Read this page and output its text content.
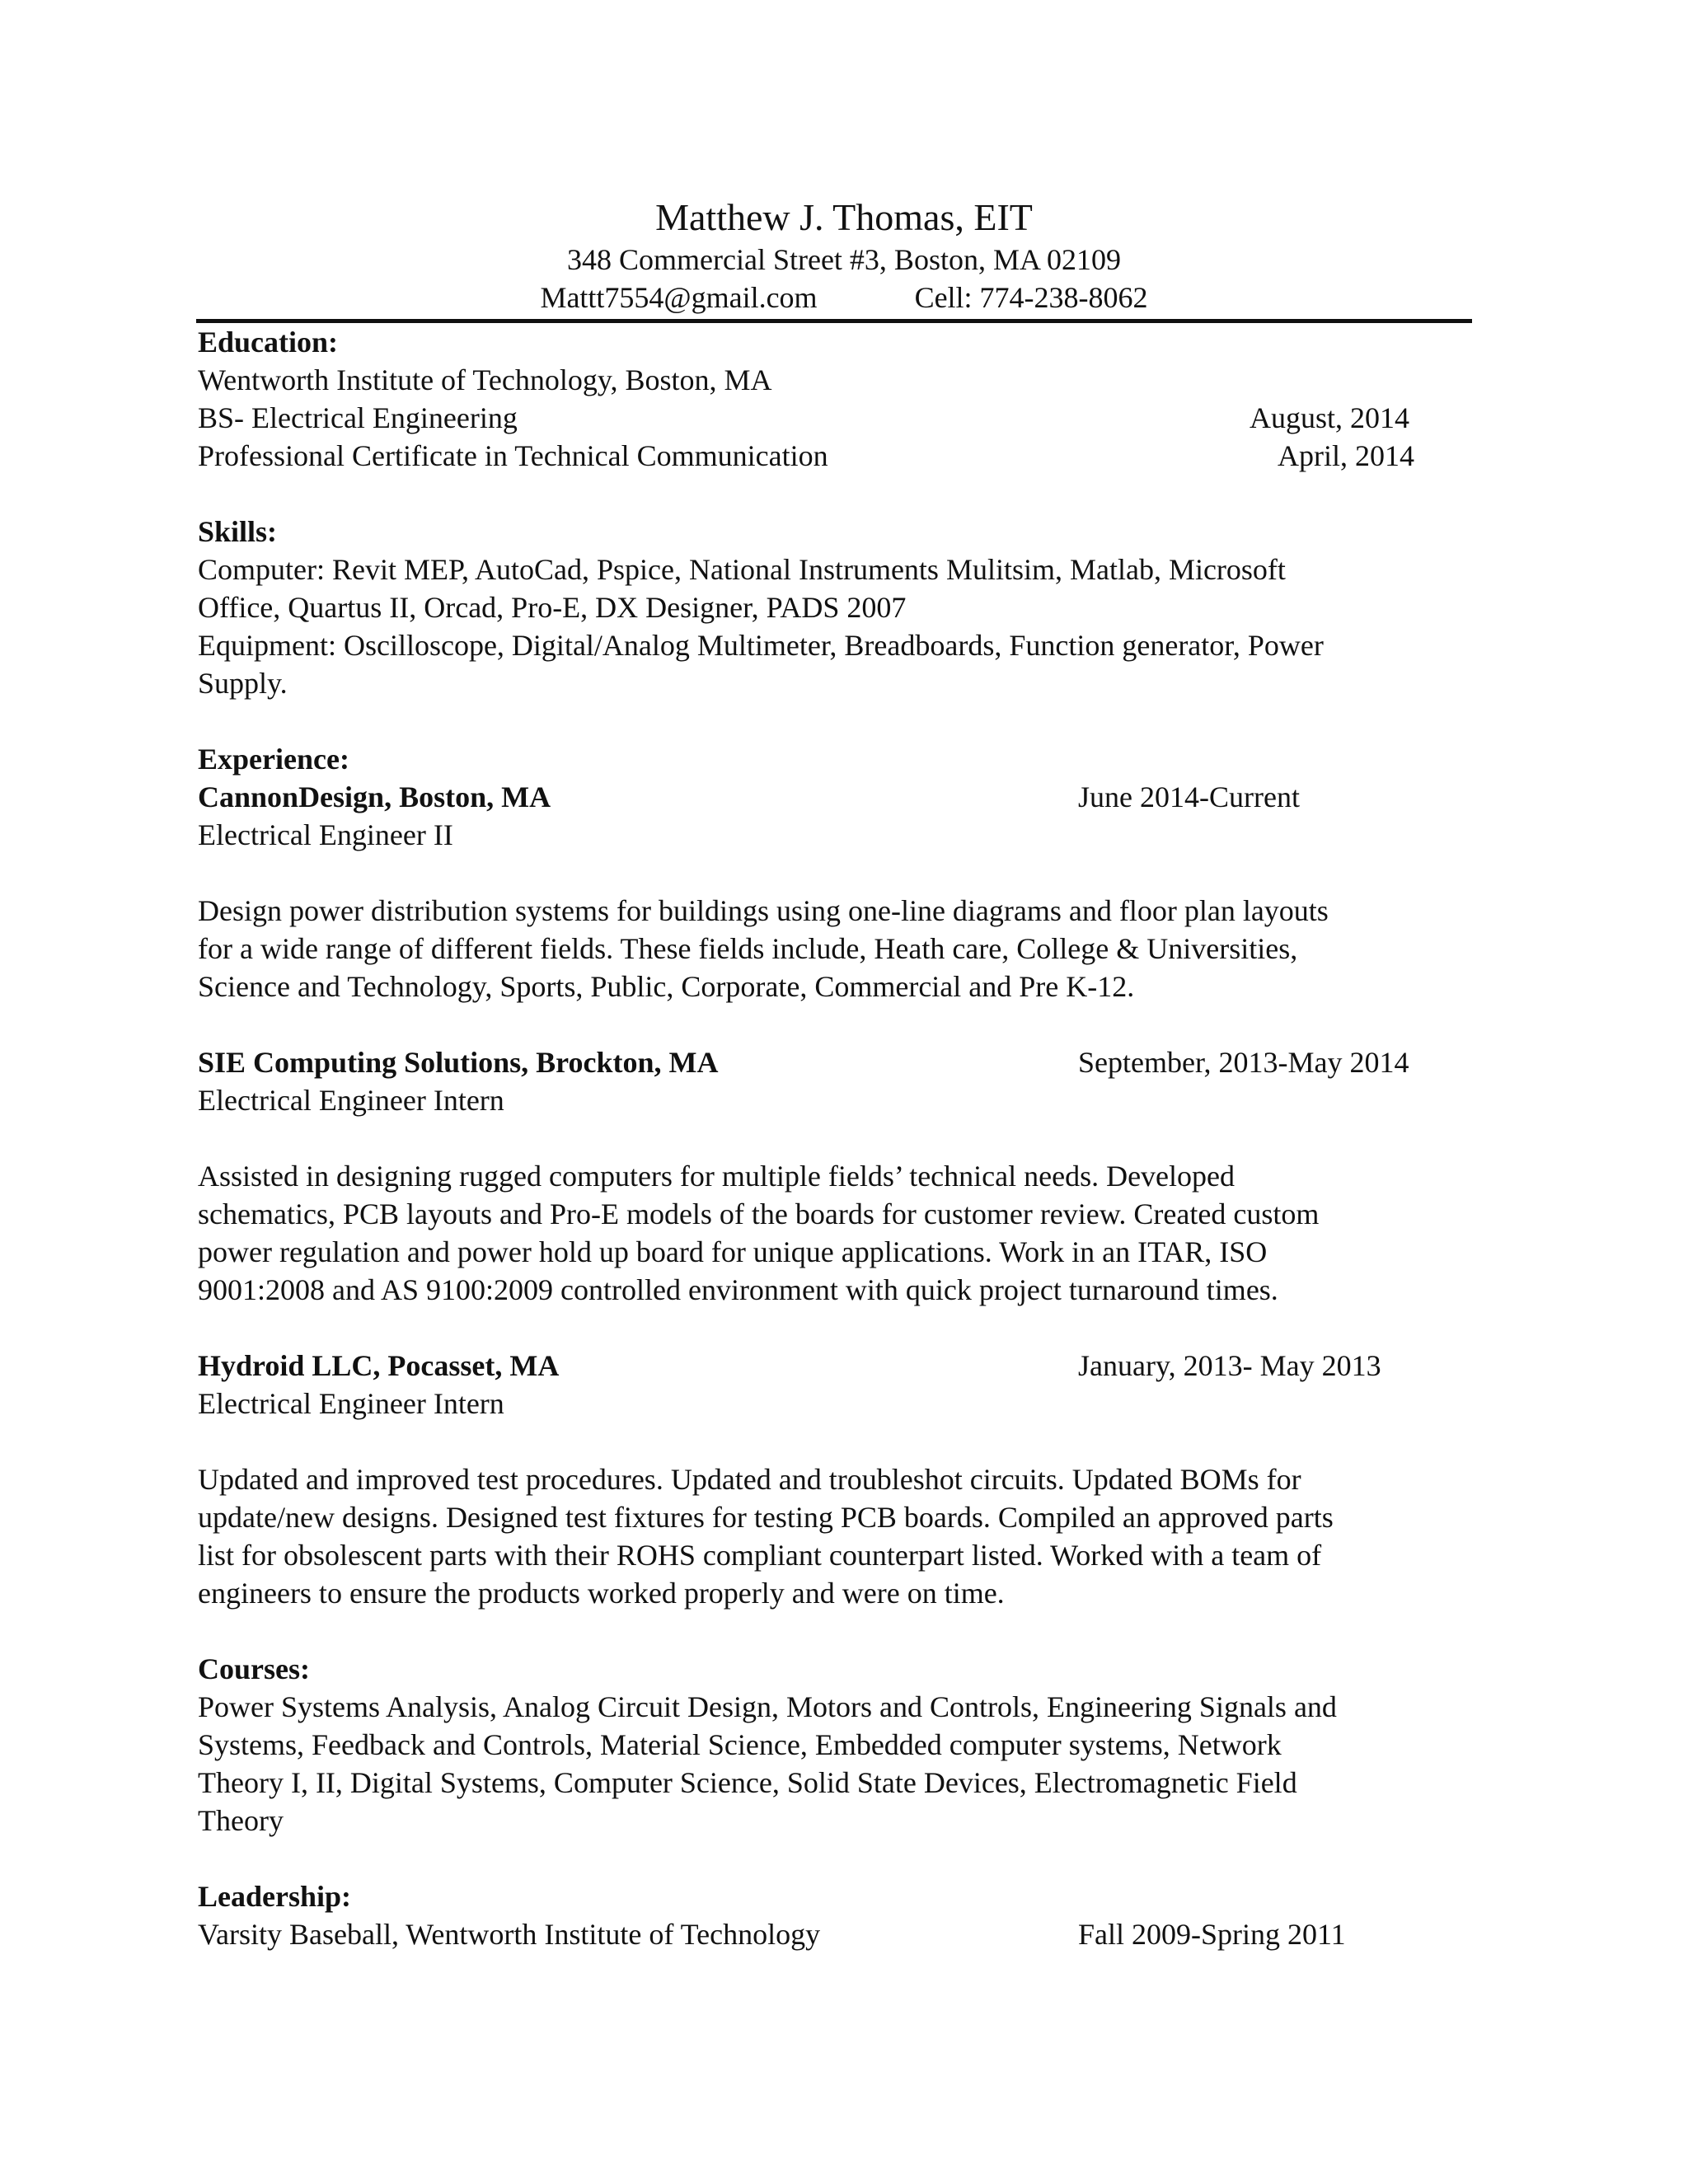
Matthew J. Thomas, EIT
348 Commercial Street #3, Boston, MA 02109
Mattt7554@gmail.com	Cell: 774-238-8062
Education:
Wentworth Institute of Technology, Boston, MA
BS- Electrical Engineering	August, 2014
Professional Certificate in Technical Communication	April, 2014
Skills:
Computer: Revit MEP, AutoCad, Pspice, National Instruments Mulitsim, Matlab, Microsoft
Office, Quartus II, Orcad, Pro-E, DX Designer, PADS 2007
Equipment: Oscilloscope, Digital/Analog Multimeter, Breadboards, Function generator, Power
Supply.
Experience:
CannonDesign, Boston, MA	June 2014-Current
Electrical Engineer II
Design power distribution systems for buildings using one-line diagrams and floor plan layouts
for a wide range of different fields. These fields include, Heath care, College & Universities,
Science and Technology, Sports, Public, Corporate, Commercial and Pre K-12.
SIE Computing Solutions, Brockton, MA	September, 2013-May 2014
Electrical Engineer Intern
Assisted in designing rugged computers for multiple fields’ technical needs. Developed
schematics, PCB layouts and Pro-E models of the boards for customer review. Created custom
power regulation and power hold up board for unique applications. Work in an ITAR, ISO
9001:2008 and AS 9100:2009 controlled environment with quick project turnaround times.
Hydroid LLC, Pocasset, MA	January, 2013- May 2013
Electrical Engineer Intern
Updated and improved test procedures. Updated and troubleshot circuits. Updated BOMs for
update/new designs. Designed test fixtures for testing PCB boards. Compiled an approved parts
list for obsolescent parts with their ROHS compliant counterpart listed. Worked with a team of
engineers to ensure the products worked properly and were on time.
Courses:
Power Systems Analysis, Analog Circuit Design, Motors and Controls, Engineering Signals and
Systems, Feedback and Controls, Material Science, Embedded computer systems, Network
Theory I, II, Digital Systems, Computer Science, Solid State Devices, Electromagnetic Field
Theory
Leadership:
Varsity Baseball, Wentworth Institute of Technology	Fall 2009-Spring 2011
